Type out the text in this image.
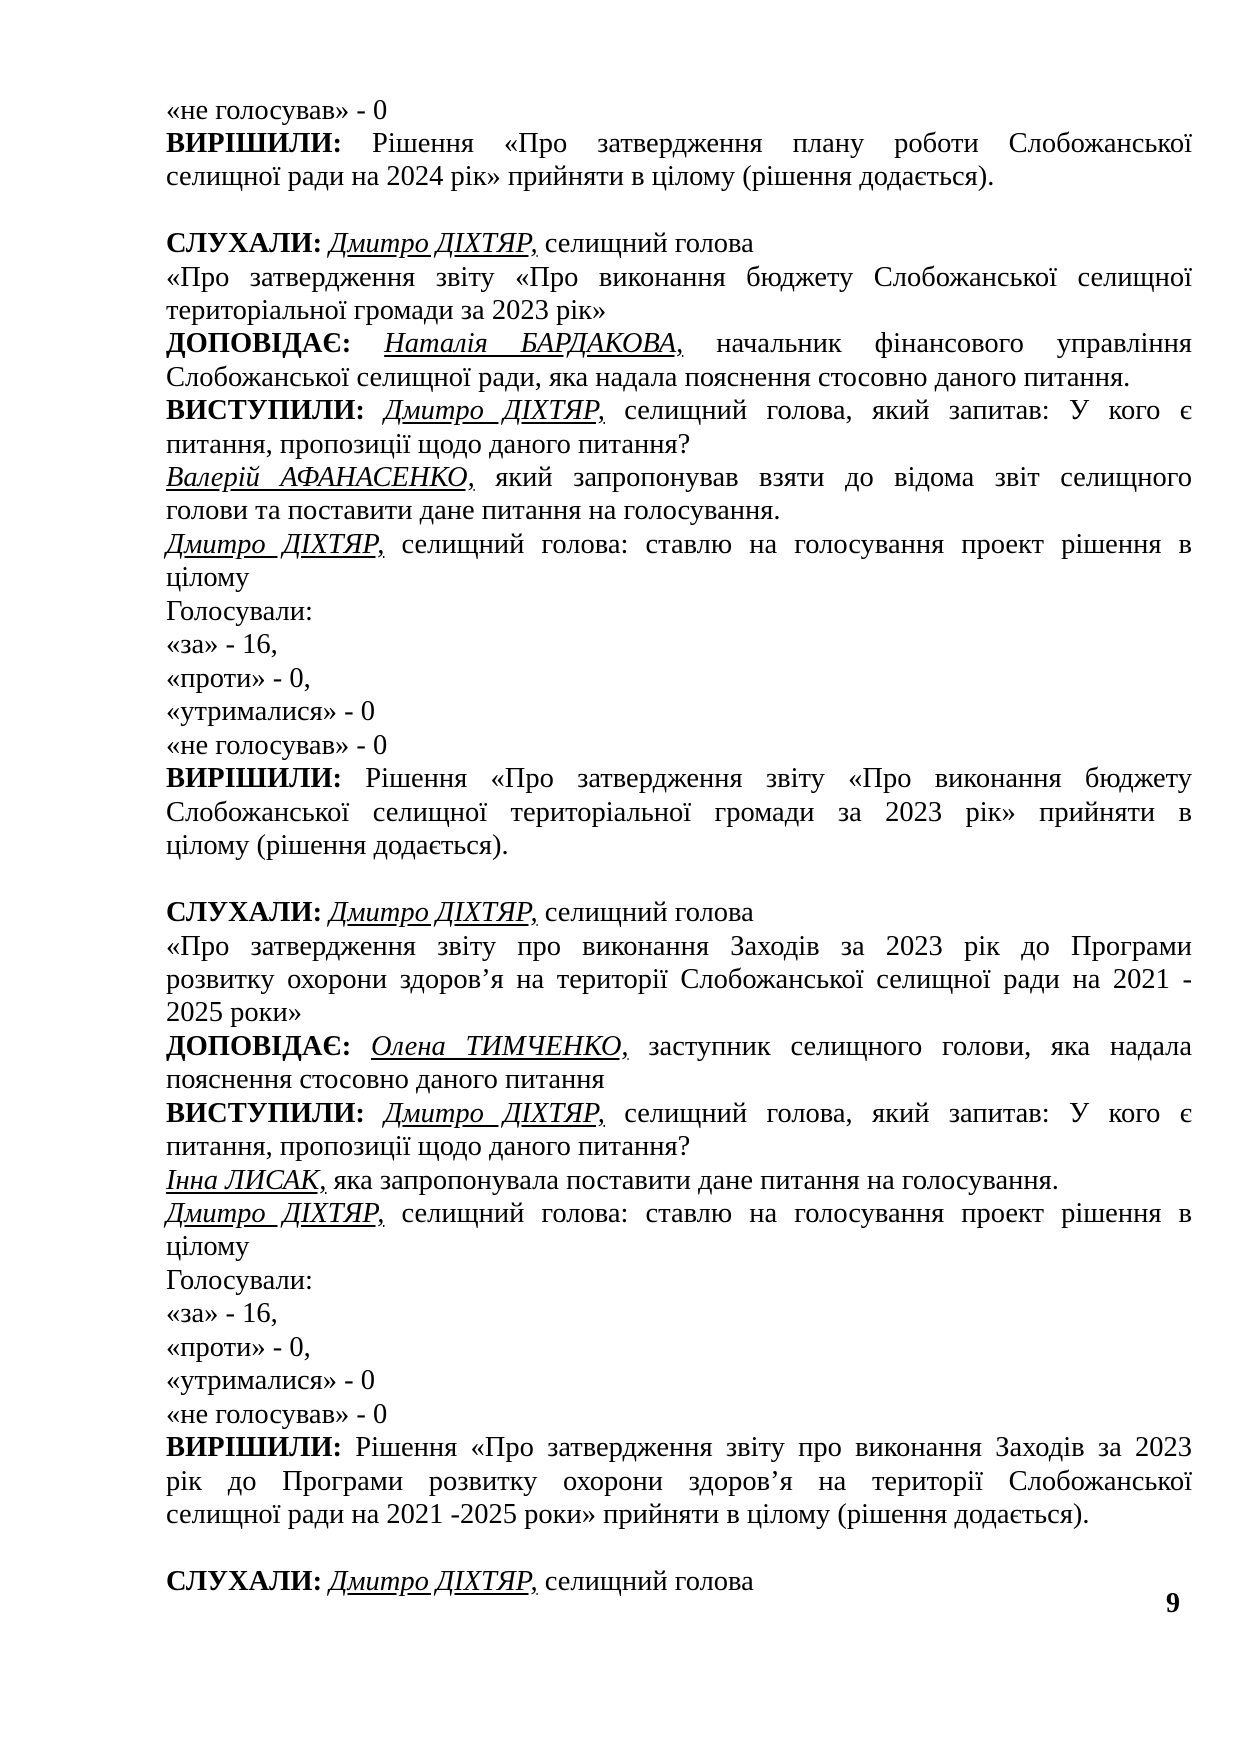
«не голосував» - 0
ВИРІШИЛИ: Рішення «Про затвердження плану роботи Слобожанської
селищної ради на 2024 рік» прийняти в цілому (рішення додається).
СЛУХАЛИ: Дмитро ДІХТЯР, селищний голова
«Про затвердження звіту «Про виконання бюджету Слобожанської селищної
територіальної громади за 2023 рік»
ДОПОВІДАЄ: Наталія БАРДАКОВА, начальник фінансового управління
Слобожанської селищної ради, яка надала пояснення стосовно даного питання.
ВИСТУПИЛИ: Дмитро ДІХТЯР, селищний голова, який запитав: У кого є
питання, пропозиції щодо даного питання?
Валерій АФАНАСЕНКО, який запропонував взяти до відома звіт селищного
голови та поставити дане питання на голосування.
Дмитро ДІХТЯР, селищний голова: ставлю на голосування проект рішення в
цілому
Голосували:
«за» - 16,
«проти» - 0,
«утрималися» - 0
«не голосував» - 0
ВИРІШИЛИ: Рішення «Про затвердження звіту «Про виконання бюджету
Слобожанської селищної територіальної громади за 2023 рік» прийняти в
цілому (рішення додається).
СЛУХАЛИ: Дмитро ДІХТЯР, селищний голова
«Про затвердження звіту про виконання Заходів за 2023 рік до Програми
розвитку охорони здоров’я на території Слобожанської селищної ради на 2021 -
2025 роки»
ДОПОВІДАЄ: Олена ТИМЧЕНКО, заступник селищного голови, яка надала
пояснення стосовно даного питання
ВИСТУПИЛИ: Дмитро ДІХТЯР, селищний голова, який запитав: У кого є
питання, пропозиції щодо даного питання?
Інна ЛИСАК, яка запропонувала поставити дане питання на голосування.
Дмитро ДІХТЯР, селищний голова: ставлю на голосування проект рішення в
цілому
Голосували:
«за» - 16,
«проти» - 0,
«утрималися» - 0
«не голосував» - 0
ВИРІШИЛИ: Рішення «Про затвердження звіту про виконання Заходів за 2023
рік до Програми розвитку охорони здоров’я на території Слобожанської
селищної ради на 2021 -2025 роки» прийняти в цілому (рішення додається).
СЛУХАЛИ: Дмитро ДІХТЯР, селищний голова
9
